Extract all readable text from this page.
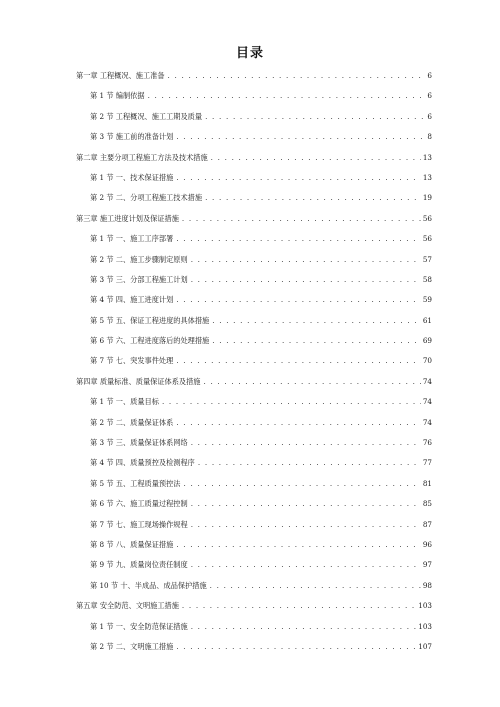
目录
第一章 工程概况、施工准备 . . .	6
第 1 节 编制依据 . . .	6
第 2 节 工程概况、施工工期及质量 . . .	6
第 3 节 施工前的准备计划 . . .	8
第二章 主要分项工程施工方法及技术措施 . . .	13
第 1 节 一、技术保证措施 . . .	13
第 2 节 二、分项工程施工技术措施 . . .	19
第三章 施工进度计划及保证措施 . . .	56
第 1 节 一、施工工序部署 . . .	56
第 2 节 二、施工步骤制定原则 . . .	57
第 3 节 三、分部工程施工计划 . . .	58
第 4 节 四、施工进度计划 . . .	59
第 5 节 五、保证工程进度的具体措施 . . .	61
第 6 节 六、工程进度落后的处理措施 . . .	69
第 7 节 七、突发事件处理 . . .	70
第四章 质量标准、质量保证体系及措施 . . .	74
第 1 节 一、质量目标 . . .	74
第 2 节 二、质量保证体系 . . .	74
第 3 节 三、质量保证体系网络 . . .	76
第 4 节 四、质量预控及检测程序 . . .	77
第 5 节 五、工程质量预控法 . . .	81
第 6 节 六、施工质量过程控制 . . .	85
第 7 节 七、施工现场操作规程 . . .	87
第 8 节 八、质量保证措施 . . .	96
第 9 节 九、质量岗位责任制度 . . .	97
第 10 节 十、半成品、成品保护措施 . . .	98
第五章 安全防范、文明施工措施 . . .	103
第 1 节 一、安全防范保证措施 . . .	103
第 2 节 二、文明施工措施 . . .	107
